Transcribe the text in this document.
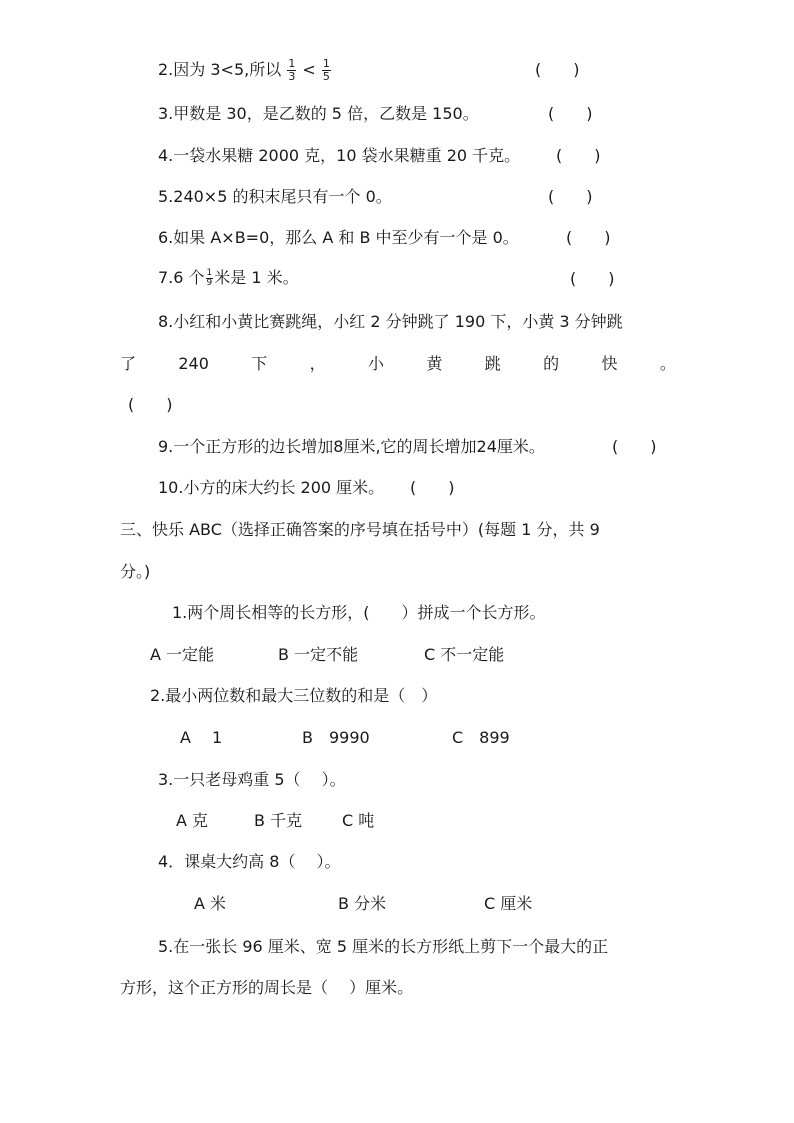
2.因为 3<5,所以 $\frac{1}{3} < \frac{1}{5}$	(　　)
3.甲数是 30，是乙数的 5 倍，乙数是 150。	(　　)
4.一袋水果糖 2000 克，10 袋水果糖重 20 千克。 (　　)
5.240×5 的积末尾只有一个 0。	(　　)
6.如果 A×B=0，那么 A 和 B 中至少有一个是 0。	(　　)
7.6 个 $\frac{1}{9}$ 米是 1 米。	(　　)
8.小红和小黄比赛跳绳，小红 2 分钟跳了 190 下，小黄 3 分钟跳
了	240	下	，	小	黄	跳	的	快	。
(　　)
9.一个正方形的边长增加8厘米,它的周长增加24厘米。	(　　)
10.小方的床大约长 200 厘米。 (　　)
三、快乐 ABC（选择正确答案的序号填在括号中）(每题 1 分，共 9
分。)
1.两个周长相等的长方形，(　　）拼成一个长方形。
A 一定能	B 一定不能	C 不一定能
2.最小两位数和最大三位数的和是（　）
A　 1	B　9990	C　899
3.一只老母鸡重 5（　 ）。
A 克	B 千克 C 吨
4．课桌大约高 8（　 ）。
A 米	B 分米	C 厘米
5.在一张长 96 厘米、宽 5 厘米的长方形纸上剪下一个最大的正
方形，这个正方形的周长是（　 ）厘米。
